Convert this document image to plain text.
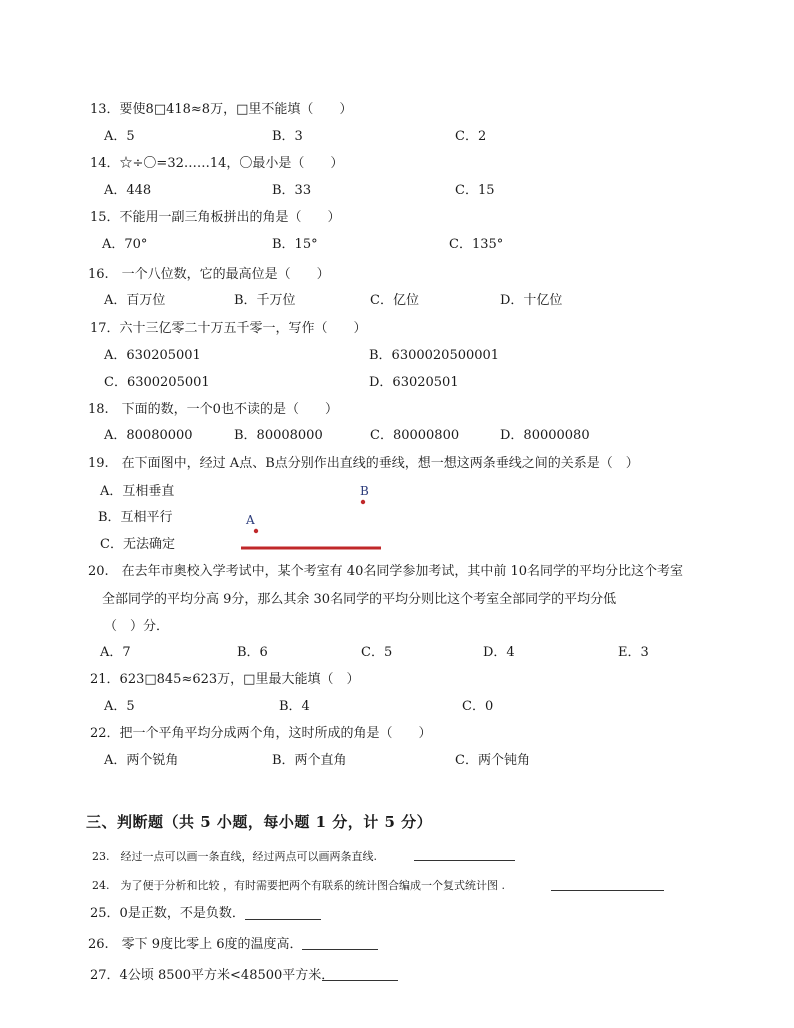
13．要使8□418≈8万，□里不能填（　　）
A．5	B．3	C．2
14．☆÷〇=32……14，〇最小是（　　）
A．448	B．33	C．15
15．不能用一副三角板拼出的角是（　　）
A．70°	B．15°	C．135°
16.　一个八位数，它的最高位是（　　）
A．百万位	B．千万位	C．亿位	D．十亿位
17．六十三亿零二十万五千零一，写作（　　）
A．630205001	B．6300020500001
C．6300205001	D．63020501
18.　下面的数，一个0也不读的是（　　）
A．80080000	B．80008000	C．80000800	D．80000080
19.　在下面图中，经过 A点、B点分别作出直线的垂线，想一想这两条垂线之间的关系是（　）
A．互相垂直
B．互相平行
C．无法确定
B
A
20.　在去年市奥校入学考试中，某个考室有 40名同学参加考试，其中前 10名同学的平均分比这个考室
全部同学的平均分高 9分，那么其余 30名同学的平均分则比这个考室全部同学的平均分低
（　）分．
A．7	B．6	C．5	D．4	E．3
21．623□845≈623万，□里最大能填（　）
A．5	B．4	C．0
22．把一个平角平均分成两个角，这时所成的角是（　　）
A．两个锐角	B．两个直角	C．两个钝角
三、判断题（共 5 小题，每小题 1 分，计 5 分）
23.　经过一点可以画一条直线，经过两点可以画两条直线.
24.　为了便于分析和比较 ，有时需要把两个有联系的统计图合编成一个复式统计图 .
25．0是正数，不是负数．
26.　零下 9度比零上 6度的温度高．
27．4公顷 8500平方米<48500平方米．
